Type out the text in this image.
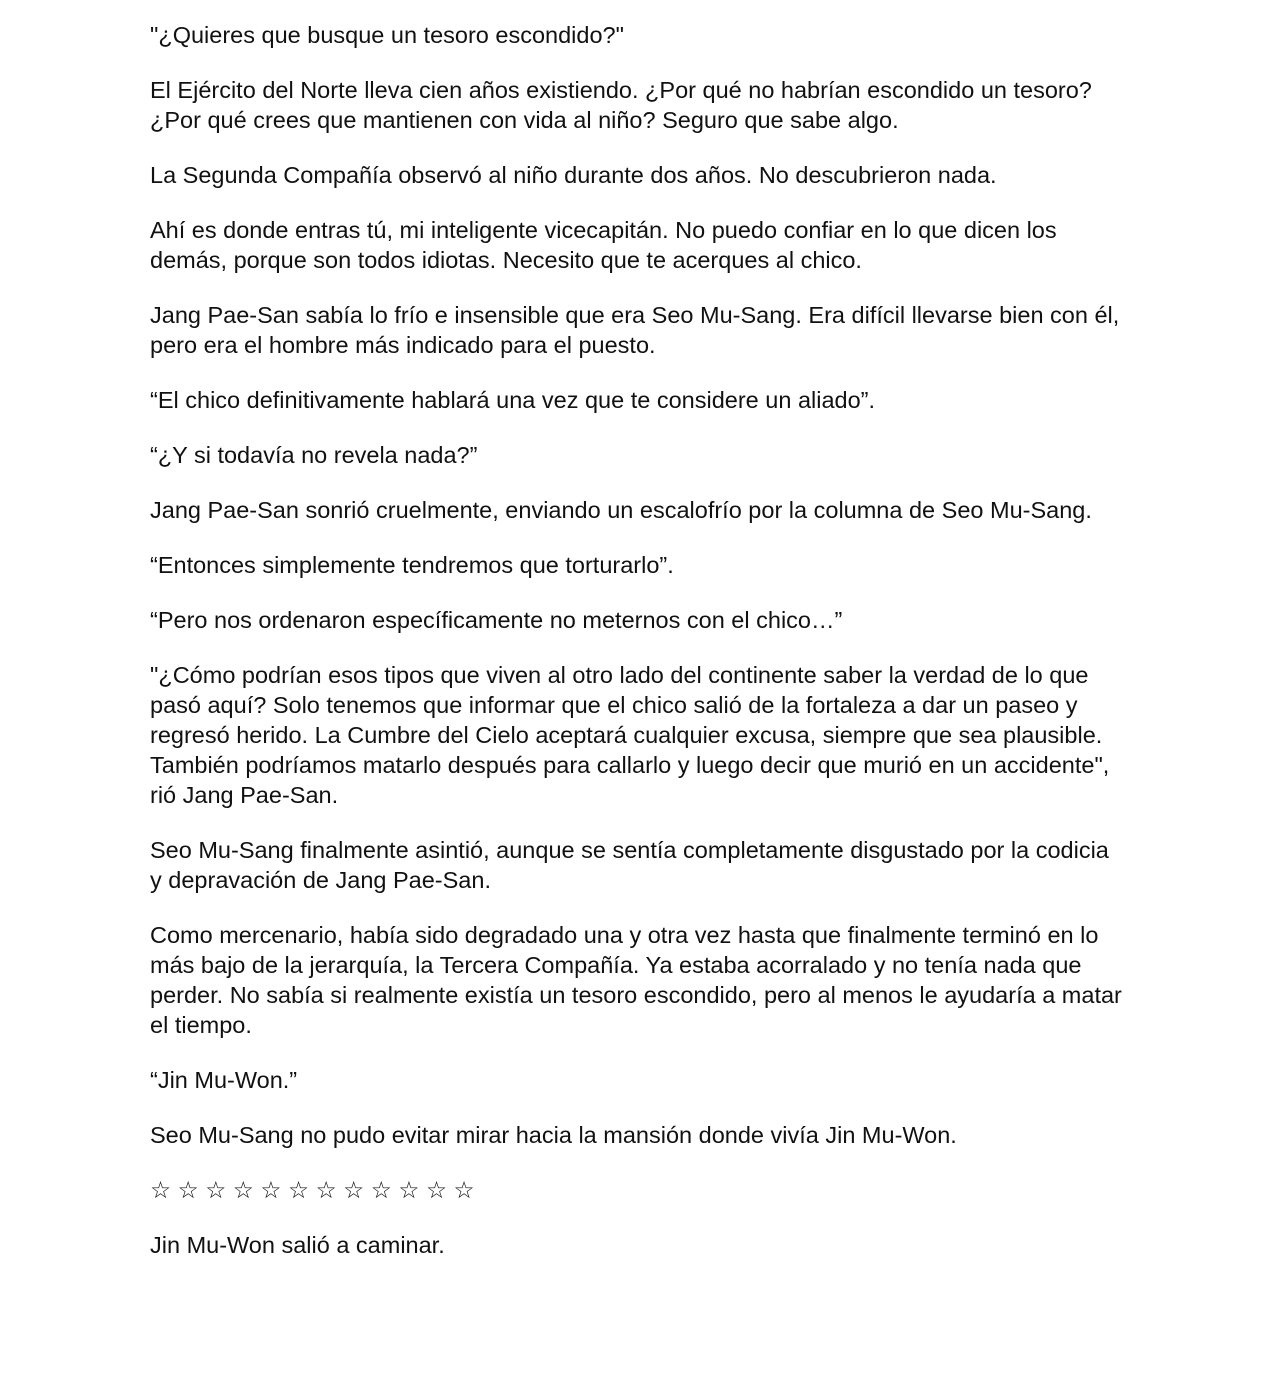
"¿Quieres que busque un tesoro escondido?"

El Ejército del Norte lleva cien años existiendo. ¿Por qué no habrían escondido un tesoro? ¿Por qué crees que mantienen con vida al niño? Seguro que sabe algo.

La Segunda Compañía observó al niño durante dos años. No descubrieron nada.

Ahí es donde entras tú, mi inteligente vicecapitán. No puedo confiar en lo que dicen los demás, porque son todos idiotas. Necesito que te acerques al chico.

Jang Pae-San sabía lo frío e insensible que era Seo Mu-Sang. Era difícil llevarse bien con él, pero era el hombre más indicado para el puesto.

“El chico definitivamente hablará una vez que te considere un aliado”.

“¿Y si todavía no revela nada?”

Jang Pae-San sonrió cruelmente, enviando un escalofrío por la columna de Seo Mu-Sang.

“Entonces simplemente tendremos que torturarlo”.

“Pero nos ordenaron específicamente no meternos con el chico…”

"¿Cómo podrían esos tipos que viven al otro lado del continente saber la verdad de lo que pasó aquí? Solo tenemos que informar que el chico salió de la fortaleza a dar un paseo y regresó herido. La Cumbre del Cielo aceptará cualquier excusa, siempre que sea plausible. También podríamos matarlo después para callarlo y luego decir que murió en un accidente", rió Jang Pae-San.

Seo Mu-Sang finalmente asintió, aunque se sentía completamente disgustado por la codicia y depravación de Jang Pae-San.

Como mercenario, había sido degradado una y otra vez hasta que finalmente terminó en lo más bajo de la jerarquía, la Tercera Compañía. Ya estaba acorralado y no tenía nada que perder. No sabía si realmente existía un tesoro escondido, pero al menos le ayudaría a matar el tiempo.

“Jin Mu-Won.”

Seo Mu-Sang no pudo evitar mirar hacia la mansión donde vivía Jin Mu-Won.

☆ ☆ ☆ ☆ ☆ ☆ ☆ ☆ ☆ ☆ ☆ ☆

Jin Mu-Won salió a caminar.
